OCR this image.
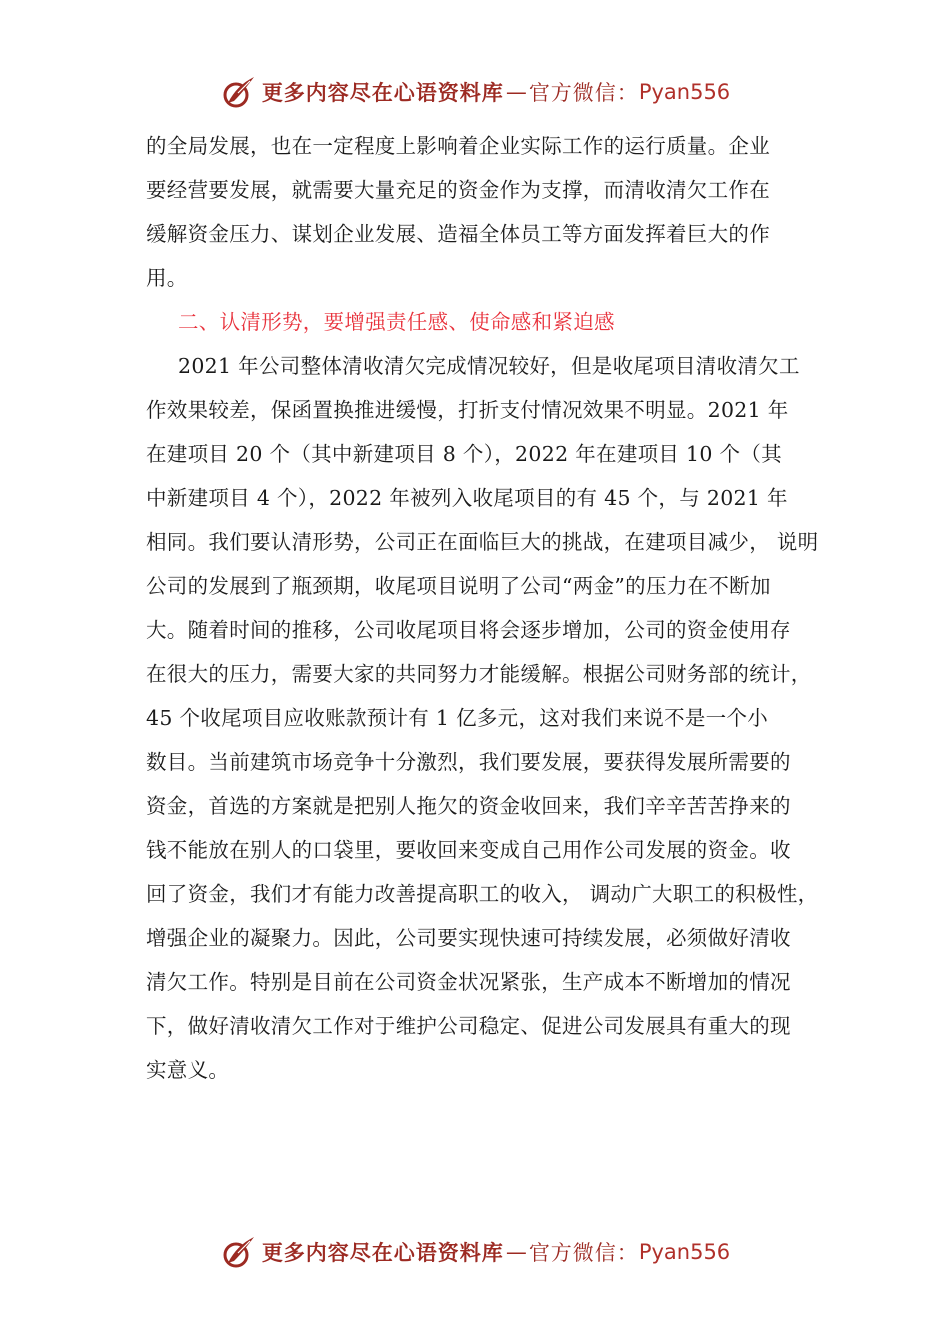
更多内容尽在心语资料库 — 官方微信： Pyan556
的全局发展，也在一定程度上影响着企业实际工作的运行质量。企业
要经营要发展，就需要大量充足的资金作为支撑，而清收清欠工作在
缓解资金压力、谋划企业发展、造福全体员工等方面发挥着巨大的作
用。
二、认清形势，要增强责任感、使命感和紧迫感
2021 年公司整体清收清欠完成情况较好，但是收尾项目清收清欠工
作效果较差，保函置换推进缓慢，打折支付情况效果不明显。2021 年
在建项目 20 个（其中新建项目 8 个），2022 年在建项目 10 个（其
中新建项目 4 个），2022 年被列入收尾项目的有 45 个，与 2021 年
相同。我们要认清形势，公司正在面临巨大的挑战，在建项目减少， 说明
公司的发展到了瓶颈期，收尾项目说明了公司“两金”的压力在不断加
大。随着时间的推移，公司收尾项目将会逐步增加，公司的资金使用存
在很大的压力，需要大家的共同努力才能缓解。根据公司财务部的统计，
45 个收尾项目应收账款预计有 1 亿多元，这对我们来说不是一个小
数目。当前建筑市场竞争十分激烈，我们要发展，要获得发展所需要的
资金，首选的方案就是把别人拖欠的资金收回来，我们辛辛苦苦挣来的
钱不能放在别人的口袋里，要收回来变成自己用作公司发展的资金。收
回了资金，我们才有能力改善提高职工的收入， 调动广大职工的积极性，
增强企业的凝聚力。因此，公司要实现快速可持续发展，必须做好清收
清欠工作。特别是目前在公司资金状况紧张，生产成本不断增加的情况
下，做好清收清欠工作对于维护公司稳定、促进公司发展具有重大的现
实意义。
更多内容尽在心语资料库 — 官方微信： Pyan556
